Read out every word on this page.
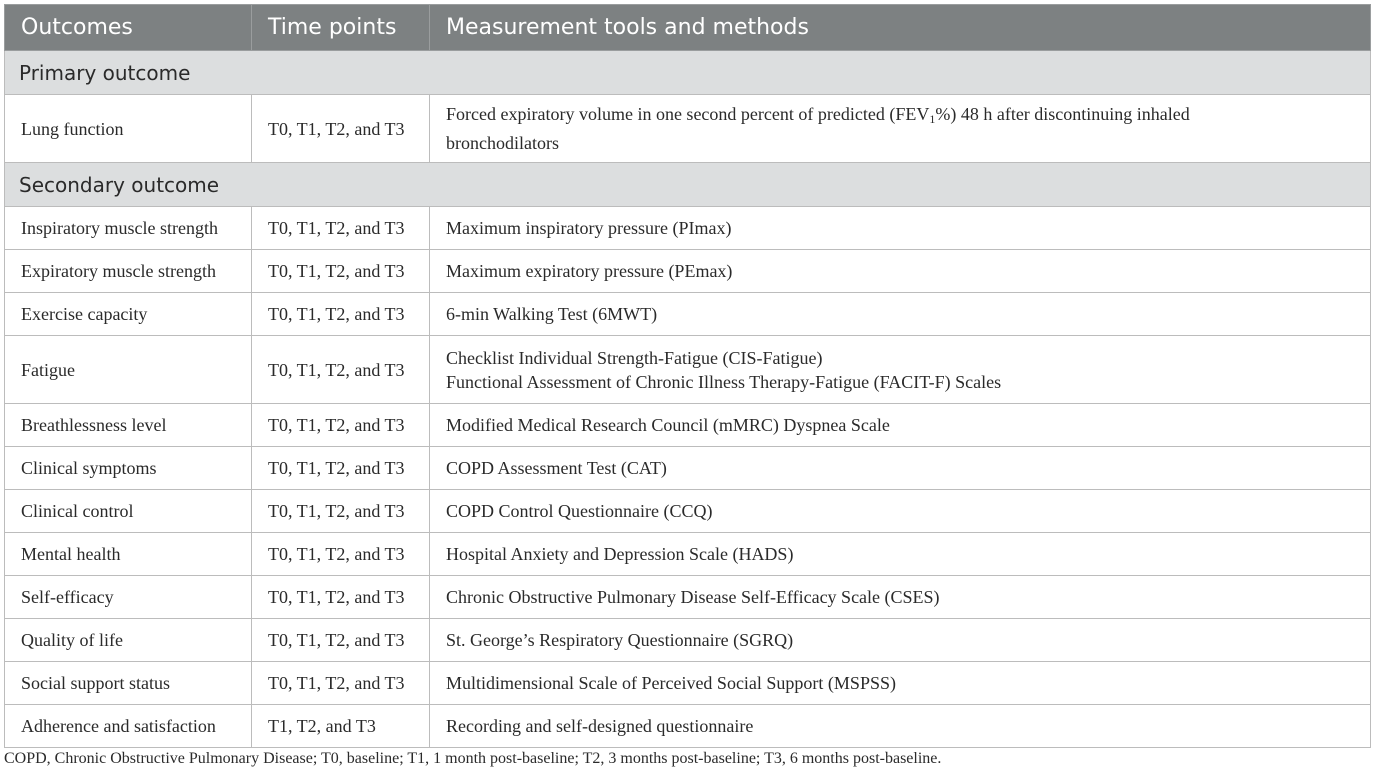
Outcomes	Time points	Measurement tools and methods
Primary outcome		
Lung function	T0, T1, T2, and T3	Forced expiratory volume in one second percent of predicted $(FEV_1\%)$ 48 h after discontinuing inhaled
bronchodilators

Secondary outcome		
Inspiratory muscle strength	T0, T1, T2, and T3	Maximum inspiratory pressure (PImax)
Expiratory muscle strength	T0, T1, T2, and T3	Maximum expiratory pressure (PEmax)
Exercise capacity	T0, T1, T2, and T3	6-min Walking Test (6MWT)
Fatigue	T0, T1, T2, and T3	Checklist Individual Strength-Fatigue (CIS-Fatigue)
Functional Assessment of Chronic Illness Therapy-Fatigue (FACIT-F) Scales

Breathlessness level	T0, T1, T2, and T3	Modified Medical Research Council (mMRC) Dyspnea Scale
Clinical symptoms	T0, T1, T2, and T3	COPD Assessment Test (CAT)
Clinical control	T0, T1, T2, and T3	COPD Control Questionnaire (CCQ)
Mental health	T0, T1, T2, and T3	Hospital Anxiety and Depression Scale (HADS)
Self-efficacy	T0, T1, T2, and T3	Chronic Obstructive Pulmonary Disease Self-Efficacy Scale (CSES)
Quality of life	T0, T1, T2, and T3	St. George’s Respiratory Questionnaire (SGRQ)
Social support status	T0, T1, T2, and T3	Multidimensional Scale of Perceived Social Support (MSPSS)
Adherence and satisfaction	T1, T2, and T3	Recording and self-designed questionnaire
COPD, Chronic Obstructive Pulmonary Disease; T0, baseline; T1, 1 month post-baseline; T2, 3 months post-baseline; T3, 6 months post-baseline.
